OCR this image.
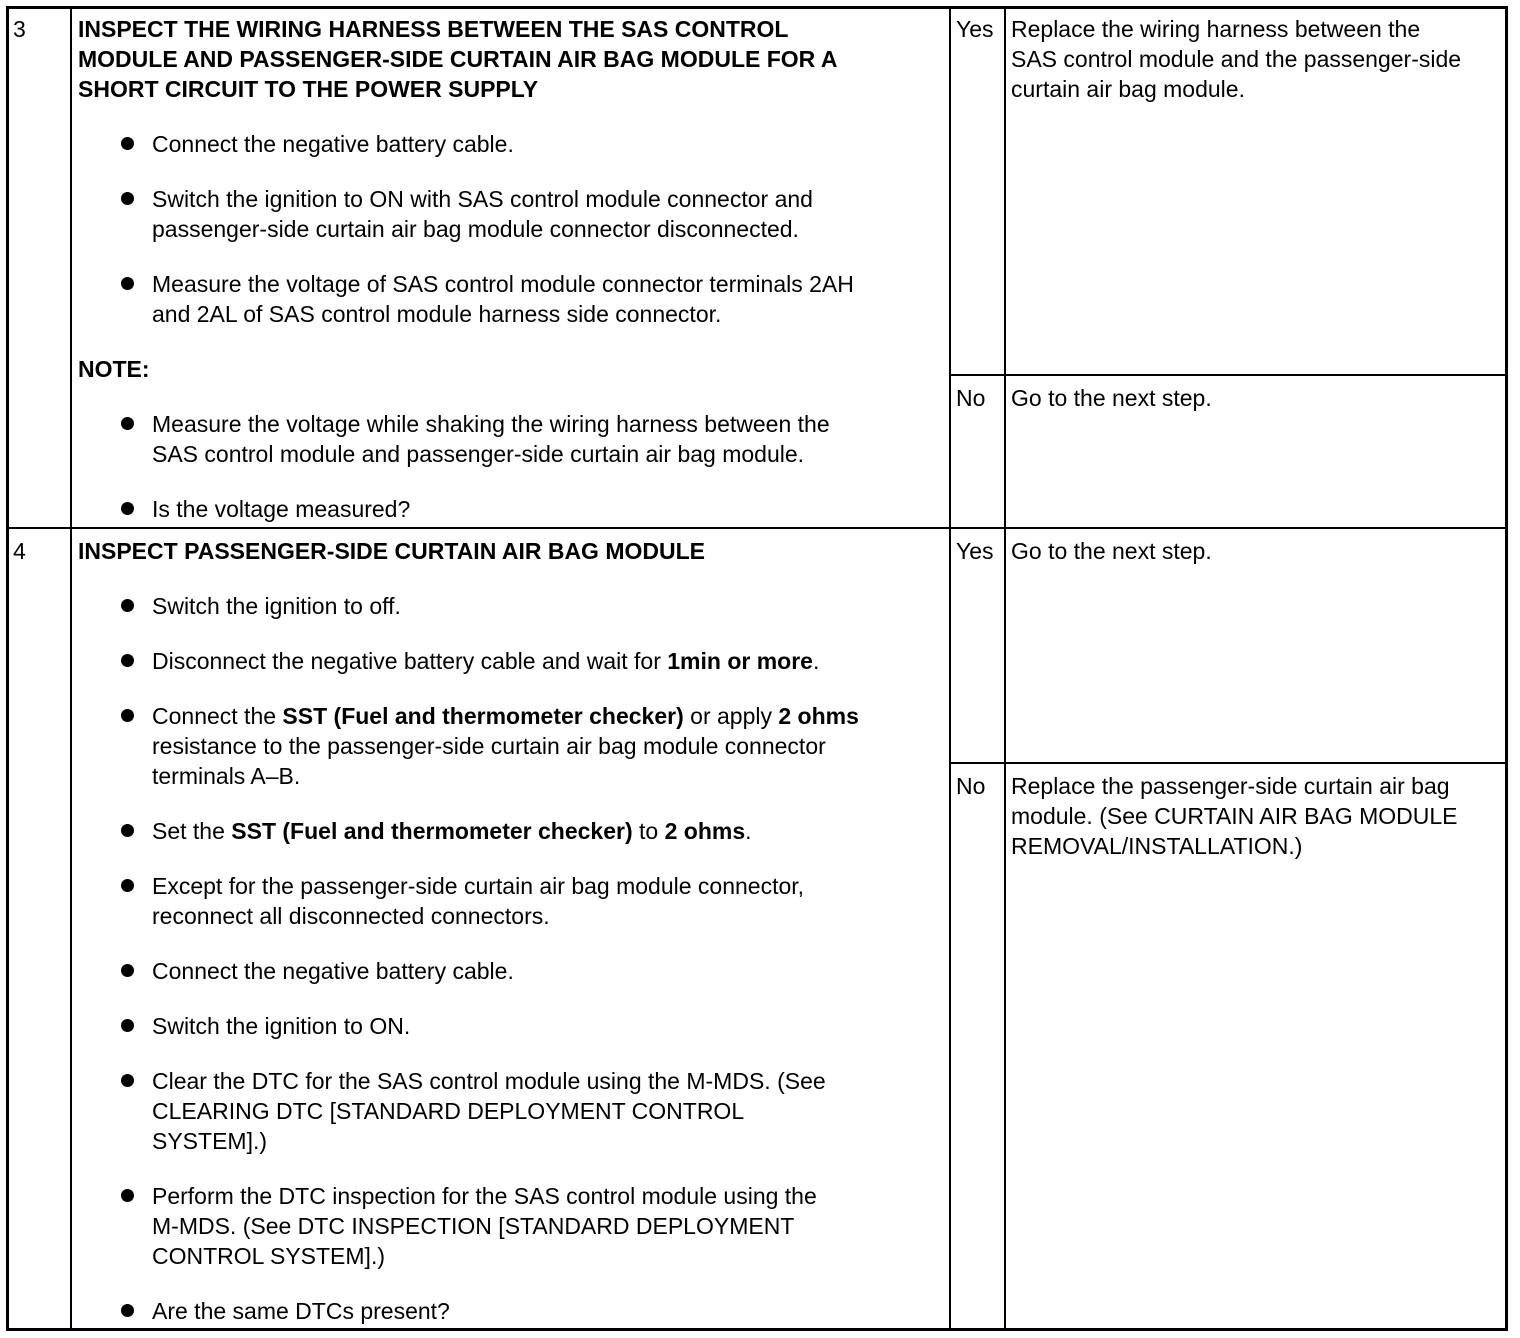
3 INSPECT THE WIRING HARNESS BETWEEN THE SAS CONTROL
MODULE AND PASSENGER-SIDE CURTAIN AIR BAG MODULE FOR A
SHORT CIRCUIT TO THE POWER SUPPLY
Connect the negative battery cable.
Switch the ignition to ON with SAS control module connector and
passenger-side curtain air bag module connector disconnected.
Measure the voltage of SAS control module connector terminals 2AH
and 2AL of SAS control module harness side connector.
NOTE:
Measure the voltage while shaking the wiring harness between the
SAS control module and passenger-side curtain air bag module.
Is the voltage measured?
Yes Replace the wiring harness between the
SAS control module and the passenger-side
curtain air bag module.
No Go to the next step.
4 INSPECT PASSENGER-SIDE CURTAIN AIR BAG MODULE
Switch the ignition to off.
Disconnect the negative battery cable and wait for 1min or more.
Connect the SST (Fuel and thermometer checker) or apply 2 ohms
resistance to the passenger-side curtain air bag module connector
terminals A–B.
Set the SST (Fuel and thermometer checker) to 2 ohms.
Except for the passenger-side curtain air bag module connector,
reconnect all disconnected connectors.
Connect the negative battery cable.
Switch the ignition to ON.
Clear the DTC for the SAS control module using the M-MDS. (See
CLEARING DTC [STANDARD DEPLOYMENT CONTROL
SYSTEM].)
Perform the DTC inspection for the SAS control module using the
M-MDS. (See DTC INSPECTION [STANDARD DEPLOYMENT
CONTROL SYSTEM].)
Are the same DTCs present?
Yes Go to the next step.
No Replace the passenger-side curtain air bag
module. (See CURTAIN AIR BAG MODULE
REMOVAL/INSTALLATION.)
